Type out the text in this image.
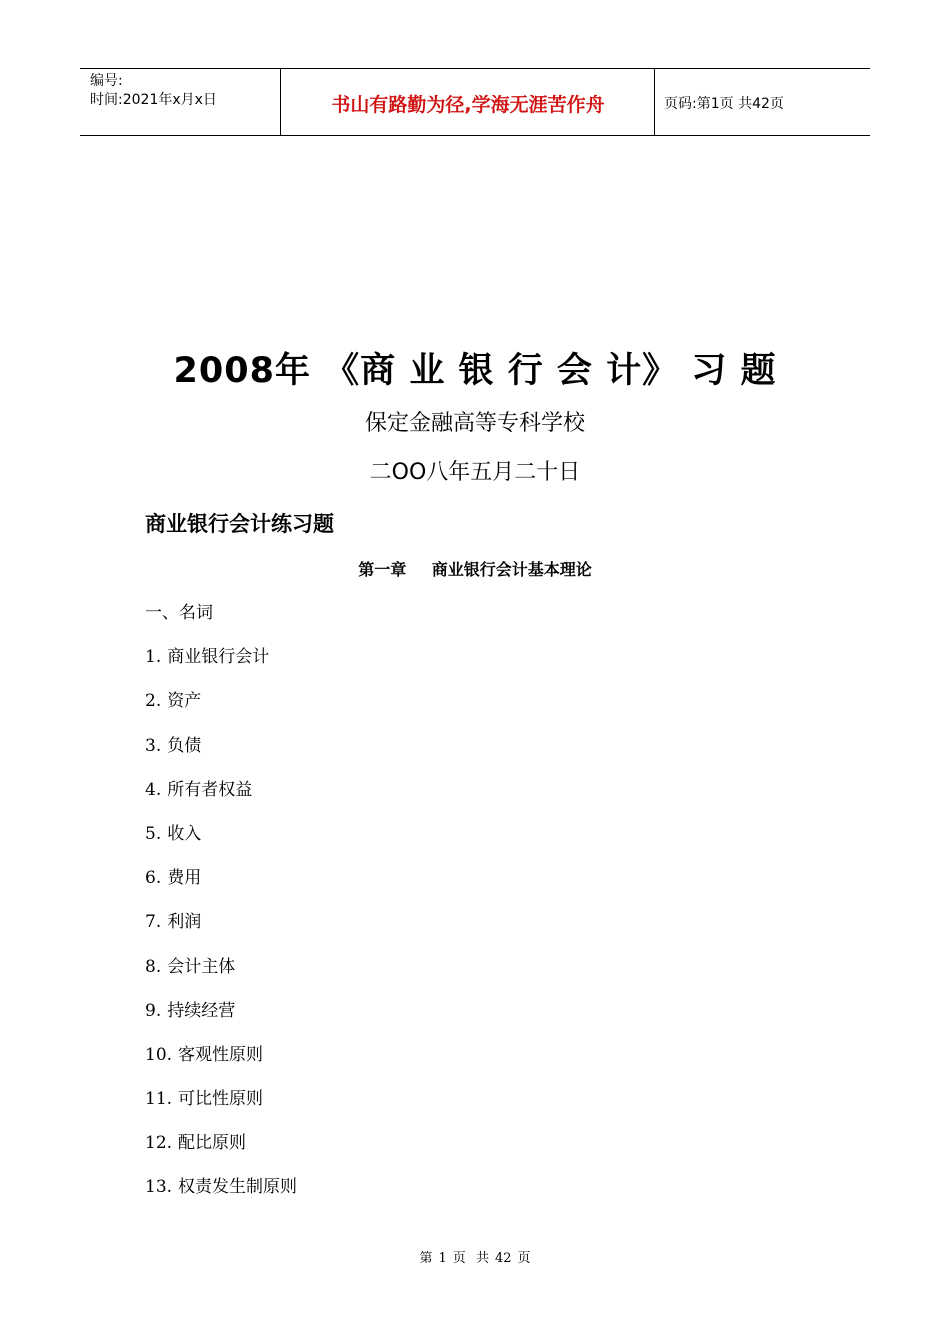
编号:
时间:2021年x月x日	书山有路勤为径,学海无涯苦作舟	页码:第1页 共42页
2008年 《商 业 银 行 会 计》 习 题
保定金融高等专科学校
二OO八年五月二十日
商业银行会计练习题
第一章 商业银行会计基本理论
一、名词
1. 商业银行会计
2. 资产
3. 负债
4. 所有者权益
5. 收入
6. 费用
7. 利润
8. 会计主体
9. 持续经营
10. 客观性原则
11. 可比性原则
12. 配比原则
13. 权责发生制原则
第 1 页 共 42 页
